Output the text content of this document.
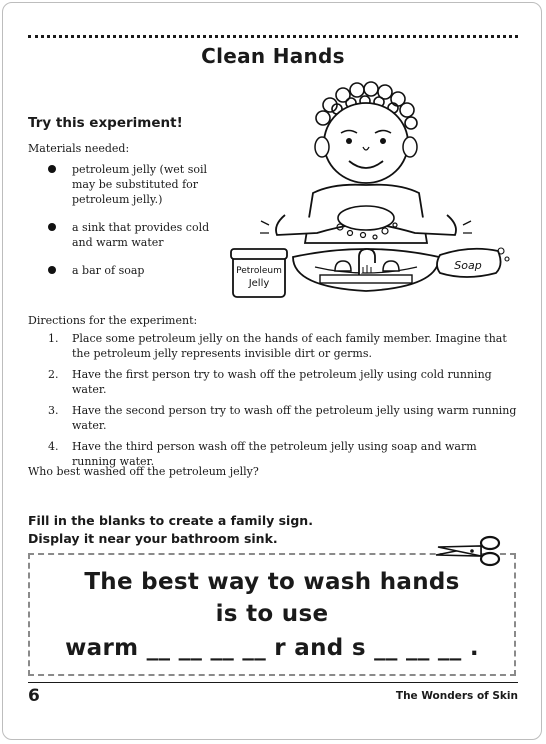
Clean Hands
Try this experiment!
Materials needed:
petroleum jelly (wet soil may be substituted for petroleum jelly.)
a sink that provides cold and warm water
a bar of soap	Petroleum
Jelly
Soap
Directions for the experiment:
1. Place some petroleum jelly on the hands of each family member. Imagine that the petroleum jelly represents invisible dirt or germs.
2. Have the first person try to wash off the petroleum jelly using cold running water.
3. Have the second person try to wash off the petroleum jelly using warm running water.
4. Have the third person wash off the petroleum jelly using soap and warm running water.
Who best washed off the petroleum jelly?
Fill in the blanks to create a family sign.
Display it near your bathroom sink.
The best way to wash hands
is to use
warm __ __ __ __ r and s __ __ __ .
6	The Wonders of Skin
